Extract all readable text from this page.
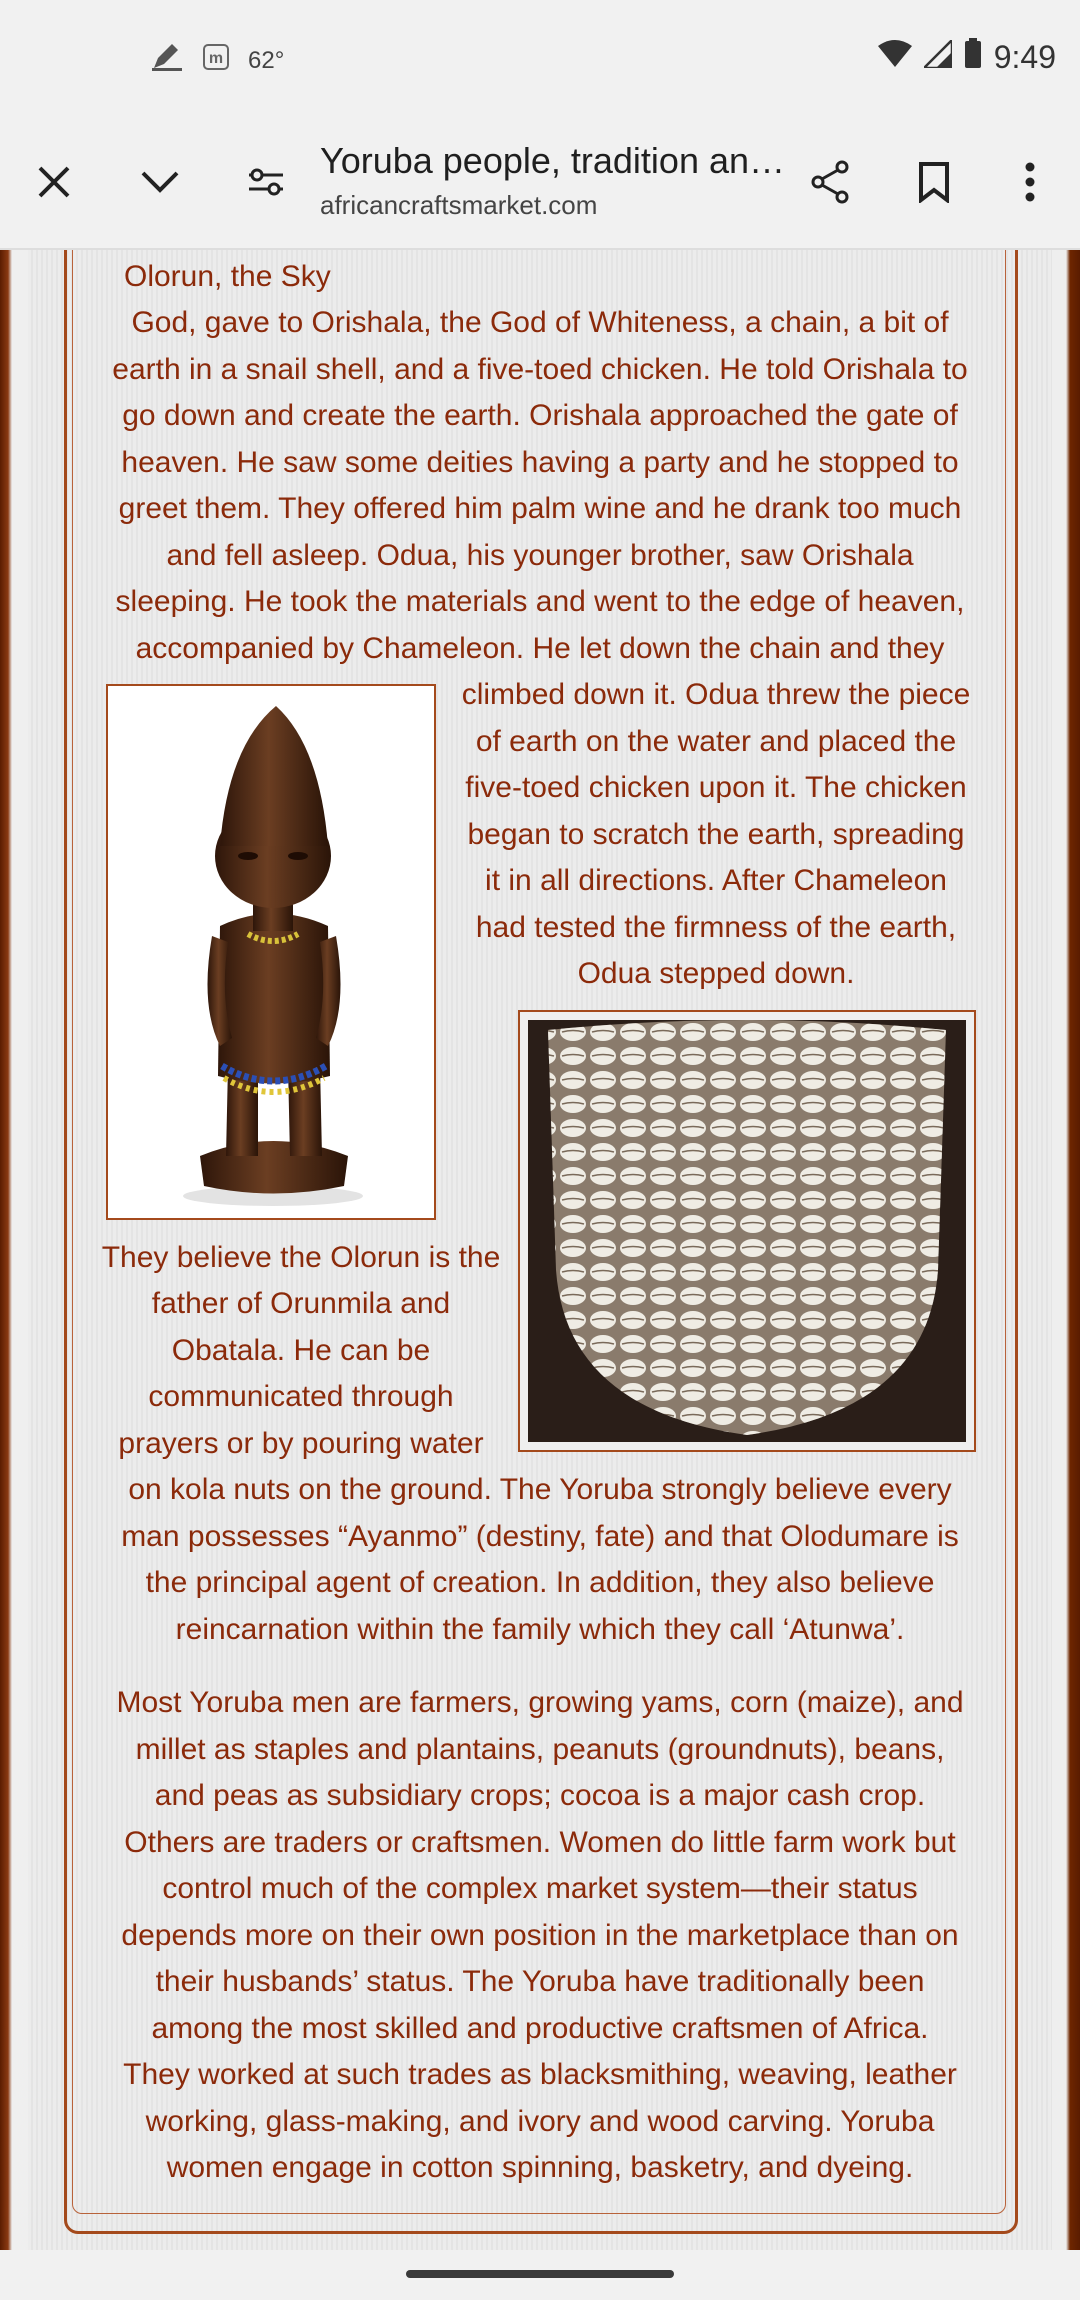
m 62°	9:49
Yoruba people, tradition an…
africancraftsmarket.com
Olorun, the Sky
God, gave to Orishala, the God of Whiteness, a chain, a bit of
earth in a snail shell, and a five-toed chicken. He told Orishala to
go down and create the earth. Orishala approached the gate of
heaven. He saw some deities having a party and he stopped to
greet them. They offered him palm wine and he drank too much
and fell asleep. Odua, his younger brother, saw Orishala
sleeping. He took the materials and went to the edge of heaven,
accompanied by Chameleon. He let down the chain and they
climbed down it. Odua threw the piece
of earth on the water and placed the
five-toed chicken upon it. The chicken
began to scratch the earth, spreading
it in all directions. After Chameleon
had tested the firmness of the earth,
Odua stepped down.
They believe the Olorun is the
father of Orunmila and
Obatala. He can be
communicated through
prayers or by pouring water
on kola nuts on the ground. The Yoruba strongly believe every
man possesses “Ayanmo” (destiny, fate) and that Olodumare is
the principal agent of creation. In addition, they also believe
reincarnation within the family which they call ‘Atunwa’.
Most Yoruba men are farmers, growing yams, corn (maize), and
millet as staples and plantains, peanuts (groundnuts), beans,
and peas as subsidiary crops; cocoa is a major cash crop.
Others are traders or craftsmen. Women do little farm work but
control much of the complex market system—their status
depends more on their own position in the marketplace than on
their husbands’ status. The Yoruba have traditionally been
among the most skilled and productive craftsmen of Africa.
They worked at such trades as blacksmithing, weaving, leather
working, glass-making, and ivory and wood carving. Yoruba
women engage in cotton spinning, basketry, and dyeing.
